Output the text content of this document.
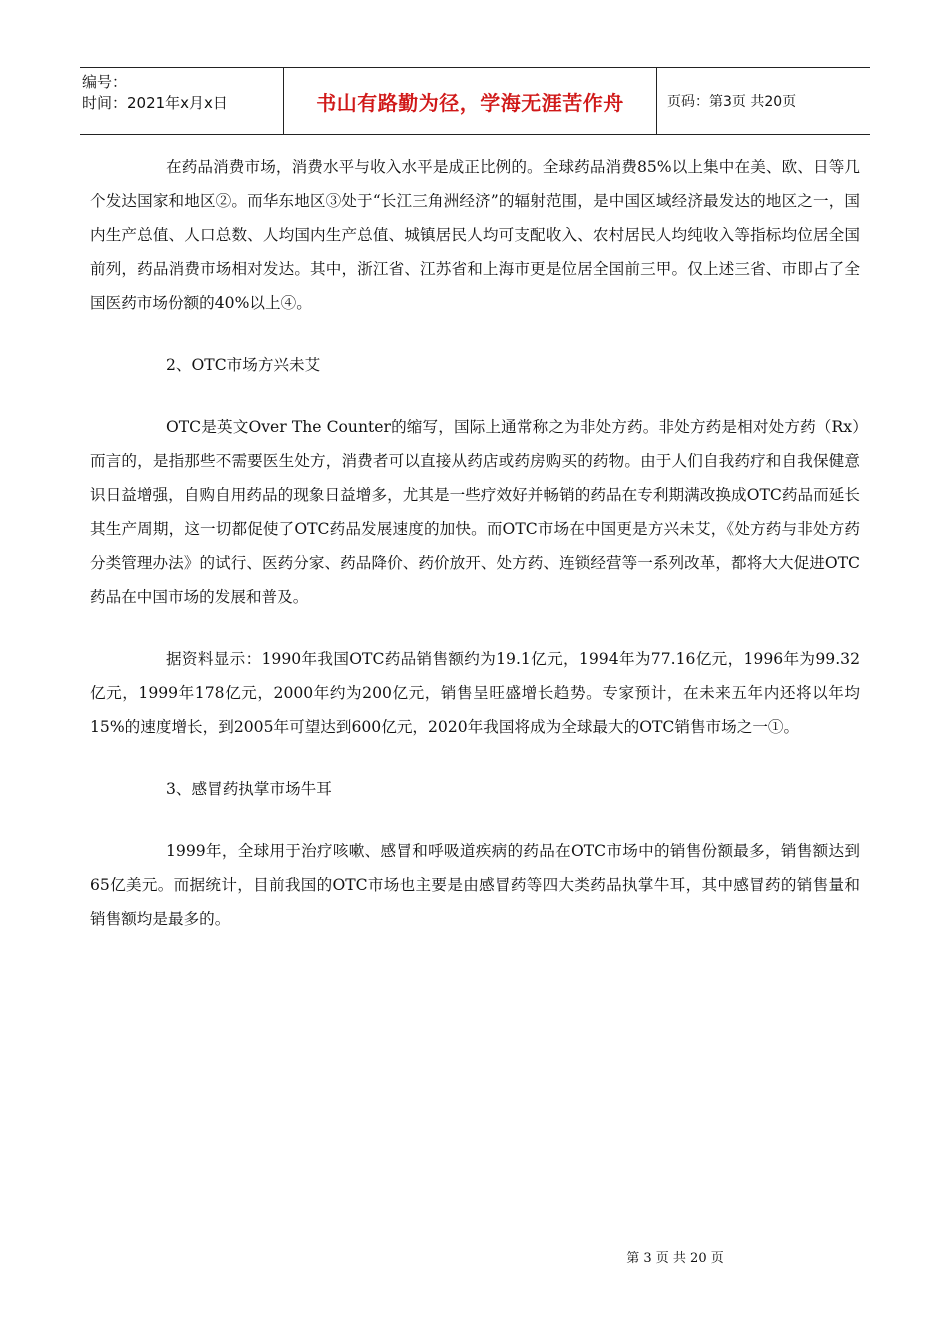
编号：
时间：2021年x月x日	书山有路勤为径，学海无涯苦作舟	页码：第3页 共20页

在药品消费市场，消费水平与收入水平是成正比例的。全球药品消费85%以上集中在美、欧、日等几个发达国家和地区②。而华东地区③处于“长江三角洲经济”的辐射范围，是中国区域经济最发达的地区之一，国内生产总值、人口总数、人均国内生产总值、城镇居民人均可支配收入、农村居民人均纯收入等指标均位居全国前列，药品消费市场相对发达。其中，浙江省、江苏省和上海市更是位居全国前三甲。仅上述三省、市即占了全国医药市场份额的40%以上④。

2、OTC市场方兴未艾

OTC是英文Over The Counter的缩写，国际上通常称之为非处方药。非处方药是相对处方药（Rx）而言的，是指那些不需要医生处方，消费者可以直接从药店或药房购买的药物。由于人们自我药疗和自我保健意识日益增强，自购自用药品的现象日益增多，尤其是一些疗效好并畅销的药品在专利期满改换成OTC药品而延长其生产周期，这一切都促使了OTC药品发展速度的加快。而OTC市场在中国更是方兴未艾，《处方药与非处方药分类管理办法》的试行、医药分家、药品降价、药价放开、处方药、连锁经营等一系列改革，都将大大促进OTC药品在中国市场的发展和普及。

据资料显示：1990年我国OTC药品销售额约为19.1亿元，1994年为77.16亿元，1996年为99.32亿元，1999年178亿元，2000年约为200亿元，销售呈旺盛增长趋势。专家预计，在未来五年内还将以年均15%的速度增长，到2005年可望达到600亿元，2020年我国将成为全球最大的OTC销售市场之一①。

3、感冒药执掌市场牛耳

1999年，全球用于治疗咳嗽、感冒和呼吸道疾病的药品在OTC市场中的销售份额最多，销售额达到65亿美元。而据统计，目前我国的OTC市场也主要是由感冒药等四大类药品执掌牛耳，其中感冒药的销售量和销售额均是最多的。

第 3 页 共 20 页
